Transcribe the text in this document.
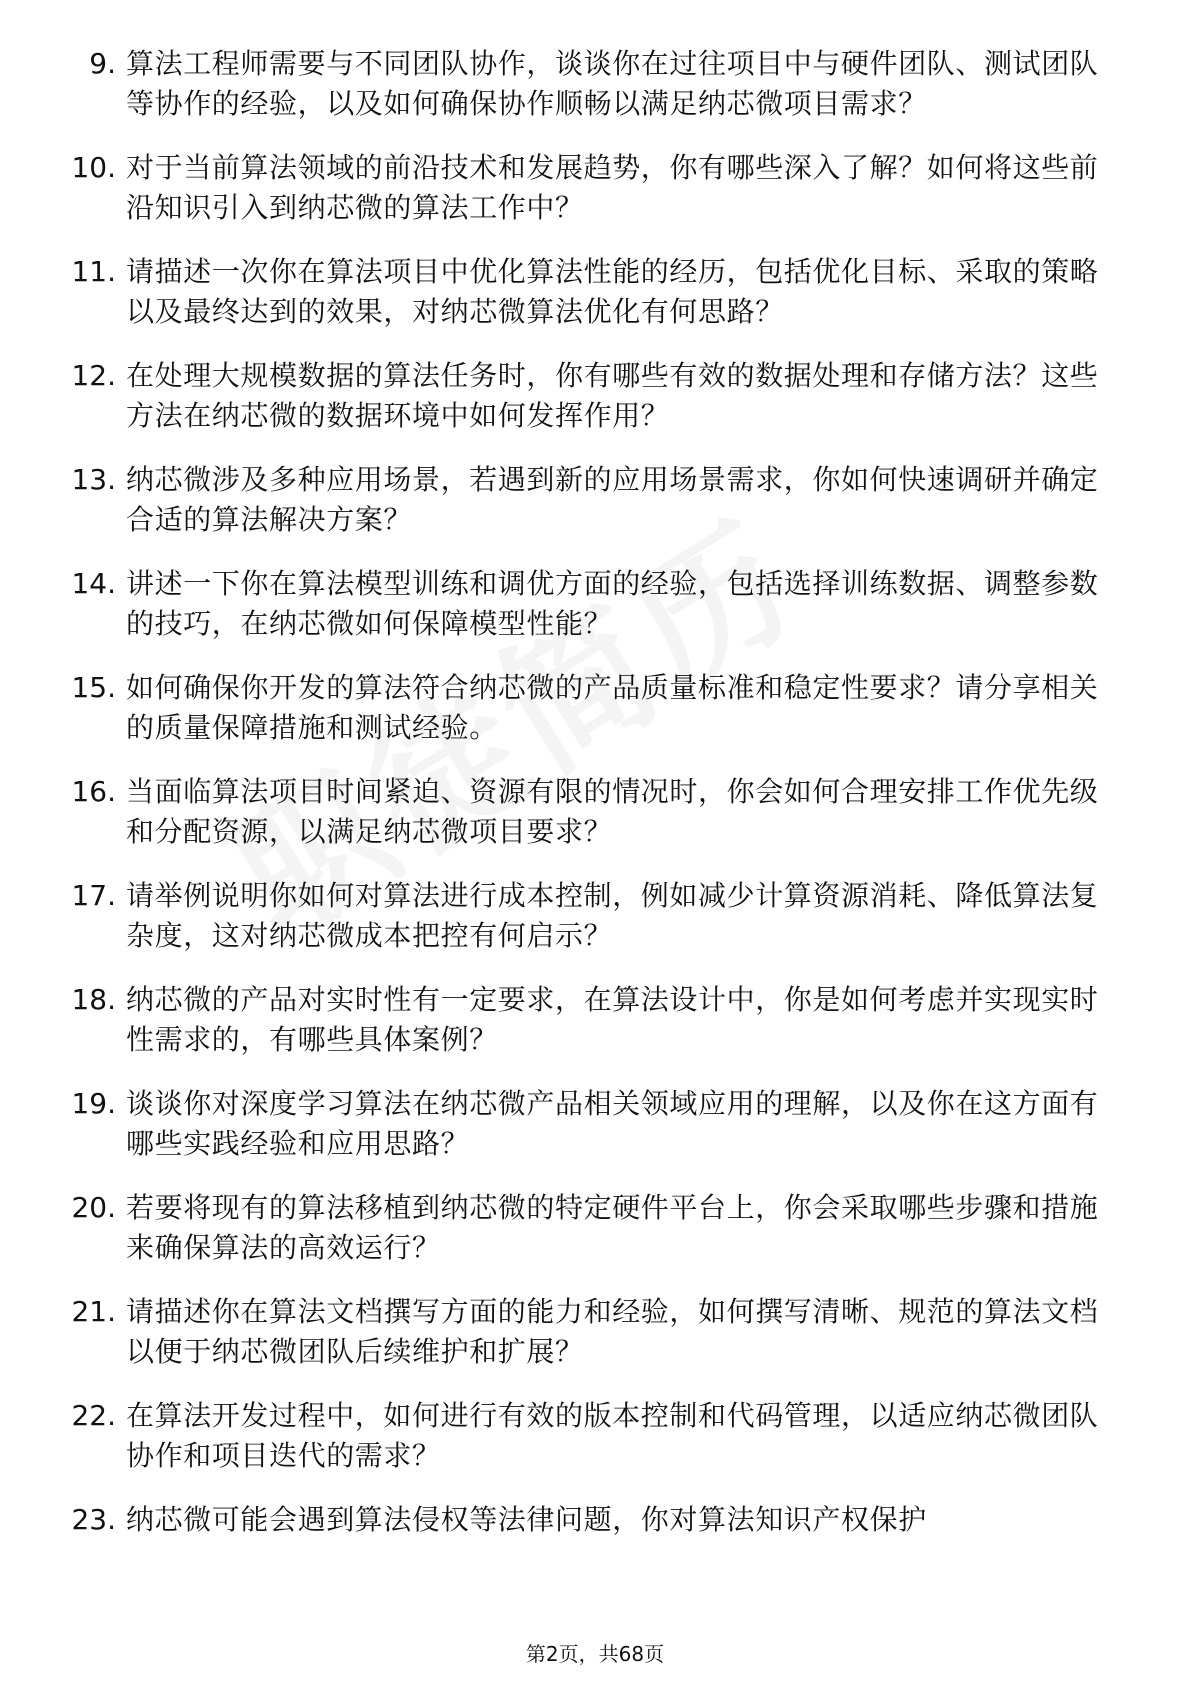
9. 算法工程师需要与不同团队协作，谈谈你在过往项目中与硬件团队、测试团队等协作的经验，以及如何确保协作顺畅以满足纳芯微项目需求？
10. 对于当前算法领域的前沿技术和发展趋势，你有哪些深入了解？如何将这些前沿知识引入到纳芯微的算法工作中？
11. 请描述一次你在算法项目中优化算法性能的经历，包括优化目标、采取的策略以及最终达到的效果，对纳芯微算法优化有何思路？
12. 在处理大规模数据的算法任务时，你有哪些有效的数据处理和存储方法？这些方法在纳芯微的数据环境中如何发挥作用？
13. 纳芯微涉及多种应用场景，若遇到新的应用场景需求，你如何快速调研并确定合适的算法解决方案？
14. 讲述一下你在算法模型训练和调优方面的经验，包括选择训练数据、调整参数的技巧，在纳芯微如何保障模型性能？
15. 如何确保你开发的算法符合纳芯微的产品质量标准和稳定性要求？请分享相关的质量保障措施和测试经验。
16. 当面临算法项目时间紧迫、资源有限的情况时，你会如何合理安排工作优先级和分配资源，以满足纳芯微项目要求？
17. 请举例说明你如何对算法进行成本控制，例如减少计算资源消耗、降低算法复杂度，这对纳芯微成本把控有何启示？
18. 纳芯微的产品对实时性有一定要求，在算法设计中，你是如何考虑并实现实时性需求的，有哪些具体案例？
19. 谈谈你对深度学习算法在纳芯微产品相关领域应用的理解，以及你在这方面有哪些实践经验和应用思路？
20. 若要将现有的算法移植到纳芯微的特定硬件平台上，你会采取哪些步骤和措施来确保算法的高效运行？
21. 请描述你在算法文档撰写方面的能力和经验，如何撰写清晰、规范的算法文档以便于纳芯微团队后续维护和扩展？
22. 在算法开发过程中，如何进行有效的版本控制和代码管理，以适应纳芯微团队协作和项目迭代的需求？
23. 纳芯微可能会遇到算法侵权等法律问题，你对算法知识产权保护
第2页，共68页
